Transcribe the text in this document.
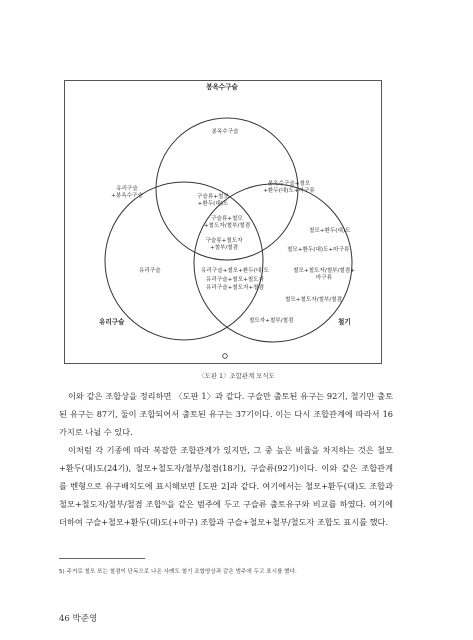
봉옥수구슬
봉옥수구슬
유리구슬
+봉옥수구슬
봉옥수구슬+철모
+환두(대)도+마구류
구슬류+철모
+환두(대)도
구슬류+철모
+철도자/철부/철겸
철모+환두(대)도
구슬류+철도자
+철부/철겸	철모+환두(대)도+마구류
유리구슬	유리구슬+철모+환두(대)도
유리구슬+철모+철도자
유리구슬+철도자+철겸
철모+철도자/철부/철겸+
마구류
철모+철도자/철부/철겸
철도자+철부/철겸
유리구슬	철기
〈도판 1〉조합관계 모식도

이와 같은 조합상을 정리하면 〈도판 1〉과 같다. 구슬만 출토된 유구는 92기, 철기만 출토된 유구는 87기, 둘이 조합되어서 출토된 유구는 37기이다. 이는 다시 조합관계에 따라서 16가지로 나뉠 수 있다.

이처럼 각 기종에 따라 복잡한 조합관계가 있지만, 그 중 높은 비율을 차지하는 것은 철모+환두(대)도(24기), 철모+철도자/철부/철겸(18기), 구슬류(92기)이다. 이와 같은 조합관계를 벤형으로 유구배치도에 표시해보면 [도판 2]과 같다. 여기에서는 철모+환두(대)도 조합과 철모+철도자/철부/철겸 조합⁵⁾을 같은 범주에 두고 구슬류 출토유구와 비교를 하였다. 여기에 더하여 구슬+철모+환두(대)도(+마구) 조합과 구슬+철모+철부/철도자 조합도 표시를 했다.

5) 주거로 철모 또는 철겸이 단독으로 나온 사례도 철기 조합양상과 같은 범주에 두고 표시를 했다.
46 박준영
